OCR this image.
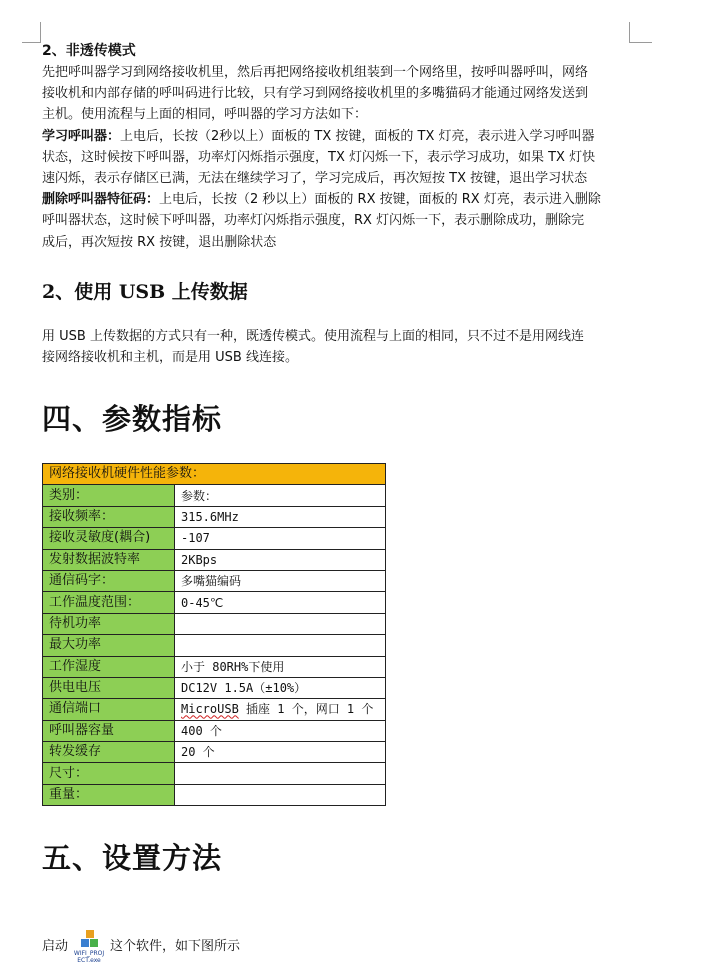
2、非透传模式
先把呼叫器学习到网络接收机里，然后再把网络接收机组装到一个网络里，按呼叫器呼叫，网络
接收机和内部存储的呼叫码进行比较，只有学习到网络接收机里的多嘴猫码才能通过网络发送到
主机。使用流程与上面的相同，呼叫器的学习方法如下：
学习呼叫器：上电后，长按（2秒以上）面板的 TX 按键，面板的 TX 灯亮，表示进入学习呼叫器
状态，这时候按下呼叫器，功率灯闪烁指示强度，TX 灯闪烁一下，表示学习成功，如果 TX 灯快
速闪烁，表示存储区已满，无法在继续学习了，学习完成后，再次短按 TX 按键，退出学习状态
删除呼叫器特征码：上电后，长按（2 秒以上）面板的 RX 按键，面板的 RX 灯亮，表示进入删除
呼叫器状态，这时候下呼叫器，功率灯闪烁指示强度，RX 灯闪烁一下，表示删除成功，删除完
成后，再次短按 RX 按键，退出删除状态
2、使用 USB 上传数据
用 USB 上传数据的方式只有一种，既透传模式。使用流程与上面的相同，只不过不是用网线连
接网络接收机和主机，而是用 USB 线连接。
四、参数指标
网络接收机硬件性能参数：	
类别：	参数：
接收频率：	315.6MHz
接收灵敏度(耦合)	-107
发射数据波特率	2KBps
通信码字：	多嘴猫编码
工作温度范围：	0-45℃
待机功率	
最大功率	
工作湿度	小于 80RH%下使用
供电电压	DC12V 1.5A（±10%）
通信端口	MicroUSB 插座 1 个，网口 1 个
呼叫器容量	400 个
转发缓存	20 个
尺寸：	
重量：	
五、设置方法
启动 WIFI_PROJ
ECT.exe
这个软件，如下图所示
